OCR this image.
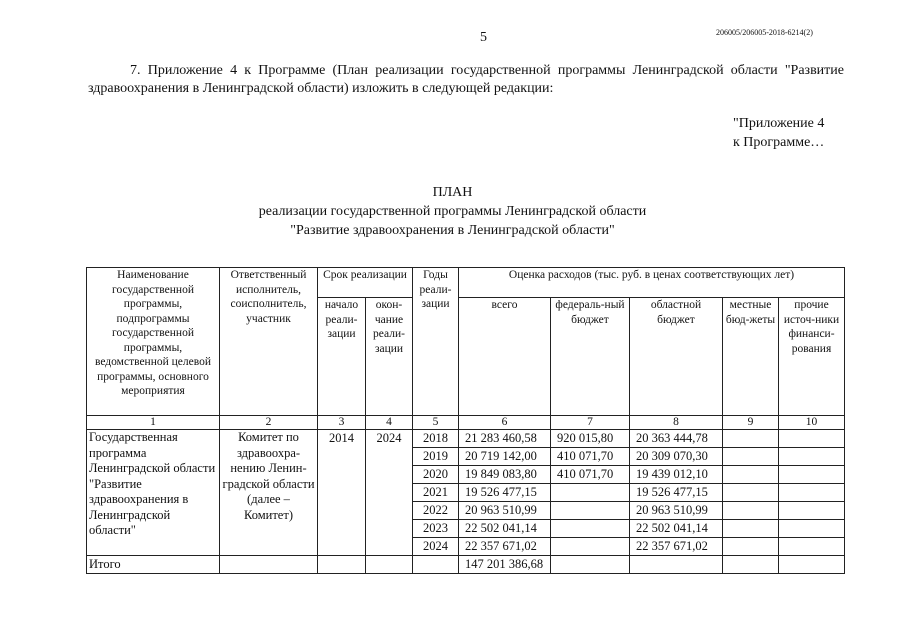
5	206005/206005-2018-6214(2)
7. Приложение 4 к Программе (План реализации государственной программы Ленинградской области "Развитие здравоохранения в Ленинградской области) изложить в следующей редакции:
"Приложение 4
к Программе…
ПЛАН
реализации государственной программы Ленинградской области
"Развитие здравоохранения в Ленинградской области"
Наименование государственной программы, подпрограммы государственной программы, ведомственной целевой программы, основного мероприятия	Ответственный исполнитель, соисполнитель, участник	Срок реализации		Годы реали-зации	Оценка расходов (тыс. руб. в ценах соответствующих лет)				
		начало реали-зации	окон-чание реали-зации		всего	федераль-ный бюджет	областной бюджет	местные бюд-жеты	прочие источ-ники финанси-рования
1	2	3	4	5	6	7	8	9	10
Государственная программа Ленинградской области "Развитие здравоохранения в Ленинградской области"	Комитет по здравоохра-нению Ленин-градской области (далее – Комитет)	2014	2024	2018	21 283 460,58	920 015,80	20 363 444,78		
				2019	20 719 142,00	410 071,70	20 309 070,30		
				2020	19 849 083,80	410 071,70	19 439 012,10		
				2021	19 526 477,15		19 526 477,15		
				2022	20 963 510,99		20 963 510,99		
				2023	22 502 041,14		22 502 041,14		
				2024	22 357 671,02		22 357 671,02		
Итого					147 201 386,68				
